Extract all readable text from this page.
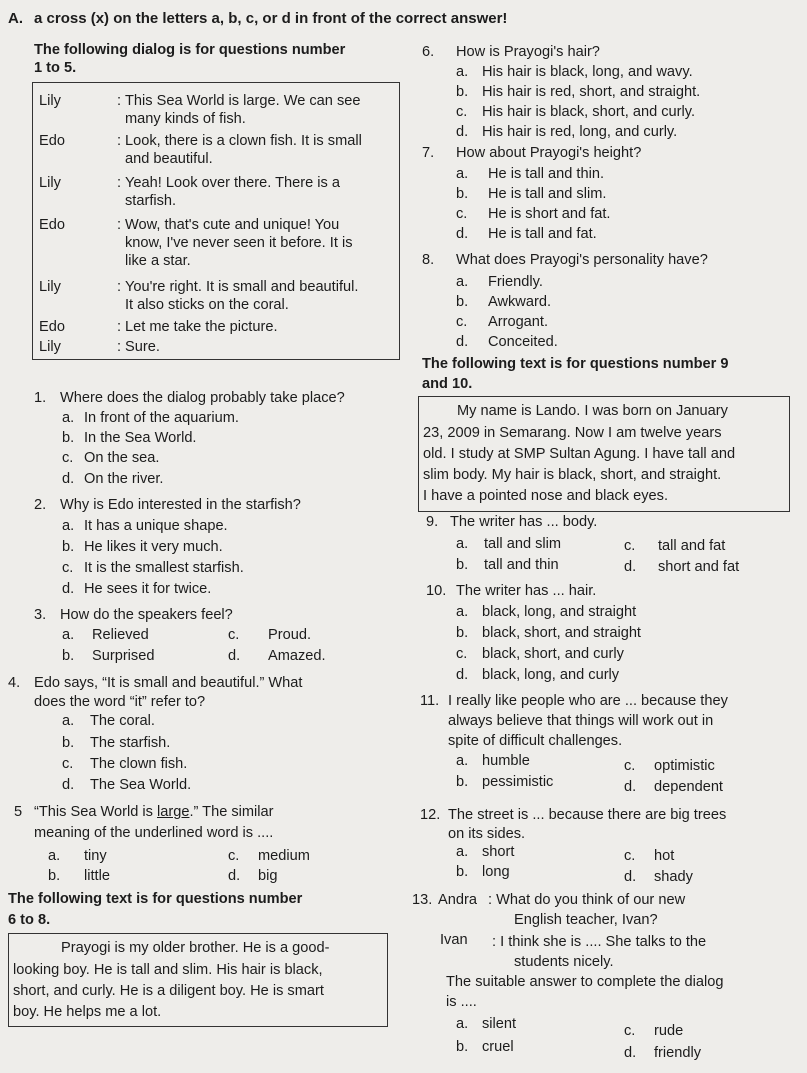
A. a cross (x) on the letters a, b, c, or d in front of the correct answer!
The following dialog is for questions number
1 to 5.
Lily	: This Sea World is large. We can see
many kinds of fish.
Edo	: Look, there is a clown fish. It is small
and beautiful.
Lily	: Yeah! Look over there. There is a
starfish.
Edo	: Wow, that's cute and unique! You
know, I've never seen it before. It is
like a star.
Lily	: You're right. It is small and beautiful.
It also sticks on the coral.
Edo	: Let me take the picture.
Lily	: Sure.
1. Where does the dialog probably take place?
a. In front of the aquarium.
b. In the Sea World.
c. On the sea.
d. On the river.
2. Why is Edo interested in the starfish?
a. It has a unique shape.
b. He likes it very much.
c. It is the smallest starfish.
d. He sees it for twice.
3. How do the speakers feel?
a. Relieved	c. Proud.
b. Surprised	d. Amazed.
4. Edo says, “It is small and beautiful.” What
does the word “it” refer to?
a. The coral.
b. The starfish.
c. The clown fish.
d. The Sea World.
5 “This Sea World is large.” The similar
meaning of the underlined word is ....
a. tiny	c. medium
b. little	d. big
The following text is for questions number
6 to 8.
Prayogi is my older brother. He is a good-
looking boy. He is tall and slim. His hair is black,
short, and curly. He is a diligent boy. He is smart
boy. He helps me a lot.
6. How is Prayogi's hair?
a. His hair is black, long, and wavy.
b. His hair is red, short, and straight.
c. His hair is black, short, and curly.
d. His hair is red, long, and curly.
7. How about Prayogi's height?
a. He is tall and thin.
b. He is tall and slim.
c. He is short and fat.
d. He is tall and fat.
8. What does Prayogi's personality have?
a. Friendly.
b. Awkward.
c. Arrogant.
d. Conceited.
The following text is for questions number 9
and 10.
My name is Lando. I was born on January
23, 2009 in Semarang. Now I am twelve years
old. I study at SMP Sultan Agung. I have tall and
slim body. My hair is black, short, and straight.
I have a pointed nose and black eyes.
9. The writer has ... body.
a. tall and slim	c. tall and fat
b. tall and thin	d. short and fat
10. The writer has ... hair.
a. black, long, and straight
b. black, short, and straight
c. black, short, and curly
d. black, long, and curly
11. I really like people who are ... because they
always believe that things will work out in
spite of difficult challenges.
a. humble	c. optimistic
b. pessimistic	d. dependent
12. The street is ... because there are big trees
on its sides.
a. short	c. hot
b. long	d. shady
13. Andra : What do you think of our new
English teacher, Ivan?
Ivan : I think she is .... She talks to the
students nicely.
The suitable answer to complete the dialog
is ....
a. silent	c. rude
b. cruel	d. friendly
